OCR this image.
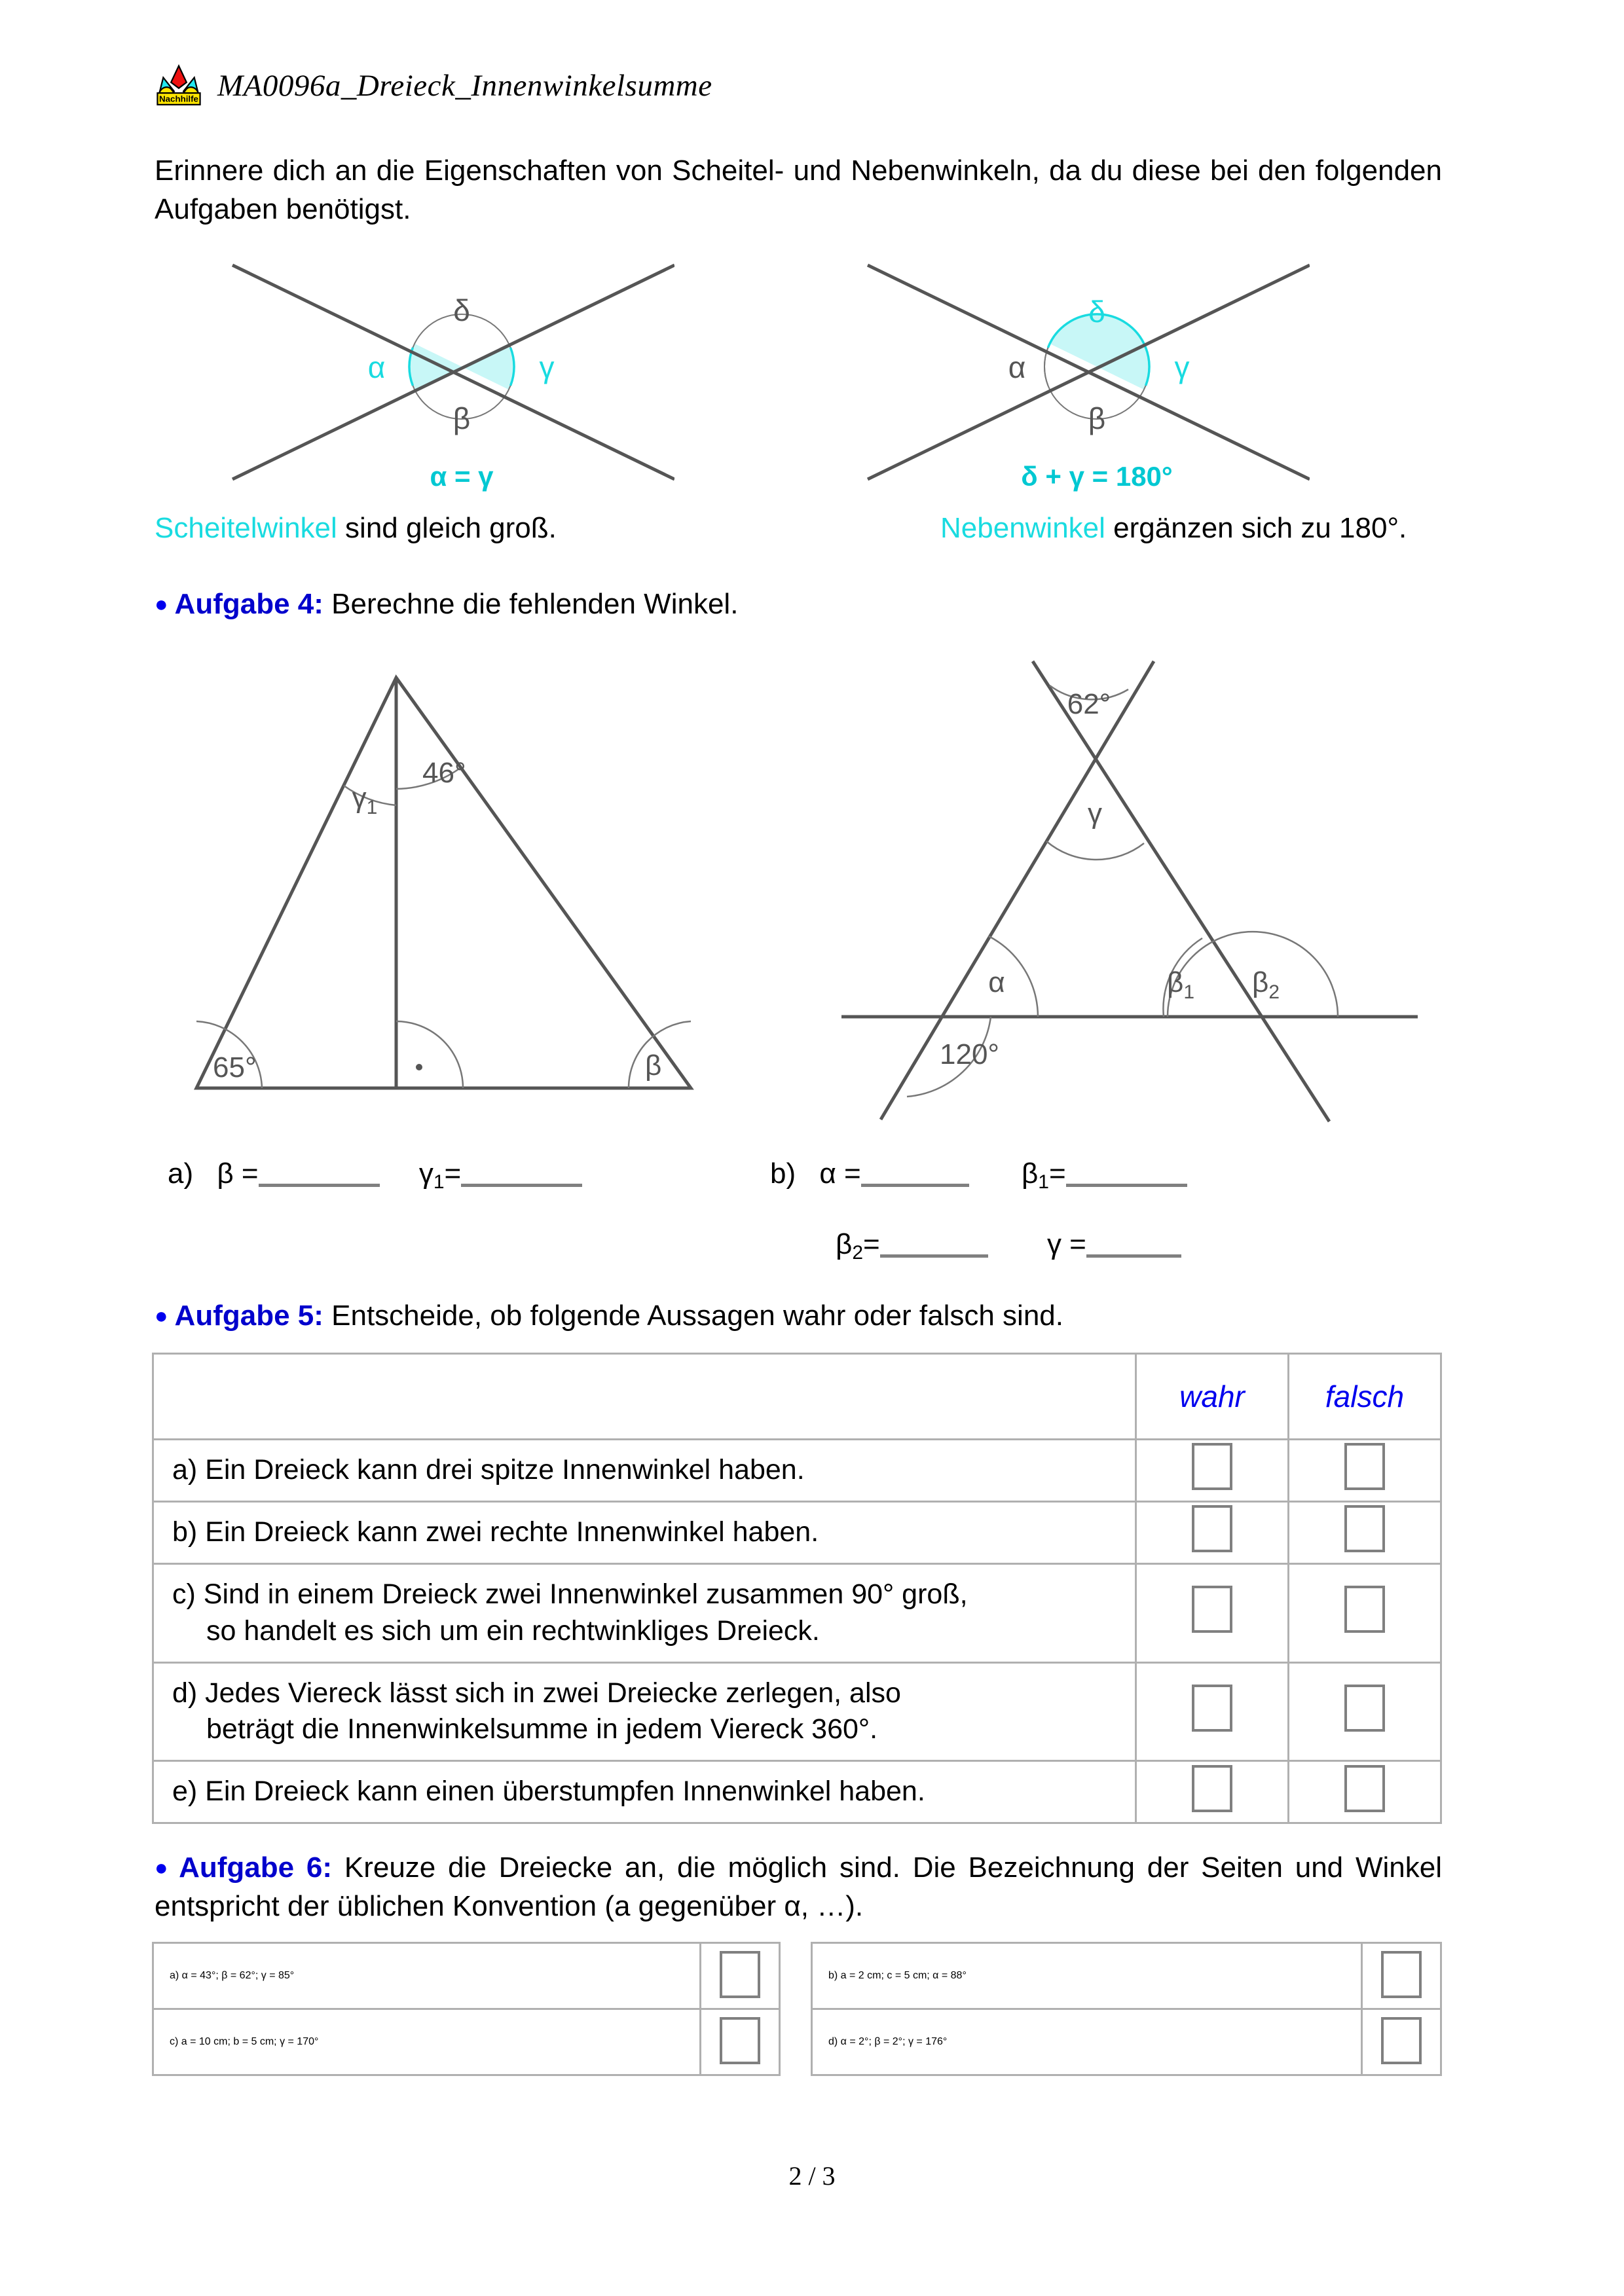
Nachhilfe MA0096a_Dreieck_Innenwinkelsumme
Erinnere dich an die Eigenschaften von Scheitel- und Nebenwinkeln, da du diese bei den folgenden Aufgaben benötigst.
α	γ
δ
β
α = γ
α	γ
δ
β
δ + γ = 180°
Scheitelwinkel sind gleich groß.	Nebenwinkel ergänzen sich zu 180°.
● Aufgabe 4: Berechne die fehlenden Winkel.
$\gamma_1$
46°
65°	β
62°
γ
α
120°
$\beta_1$ $\beta_2$
a) β =	$\gamma_1=$	b) α =	$\beta_1=$
$\beta_2=$	γ =
● Aufgabe 5: Entscheide, ob folgende Aussagen wahr oder falsch sind.
	wahr	falsch

a) Ein Dreieck kann drei spitze Innenwinkel haben.		

b) Ein Dreieck kann zwei rechte Innenwinkel haben.		

c) Sind in einem Dreieck zwei Innenwinkel zusammen 90° groß,
so handelt es sich um ein rechtwinkliges Dreieck.		

d) Jedes Viereck lässt sich in zwei Dreiecke zerlegen, also
beträgt die Innenwinkelsumme in jedem Viereck 360°.		

e) Ein Dreieck kann einen überstumpfen Innenwinkel haben.		

● Aufgabe 6: Kreuze die Dreiecke an, die möglich sind. Die Bezeichnung der Seiten und Winkel entspricht der üblichen Konvention (a gegenüber α, …).
a) α = 43°; β = 62°; γ = 85°	
c) a = 10 cm; b = 5 cm; γ = 170°	
b) a = 2 cm; c = 5 cm; α = 88°	
d) α = 2°; β = 2°; γ = 176°	
2 / 3
